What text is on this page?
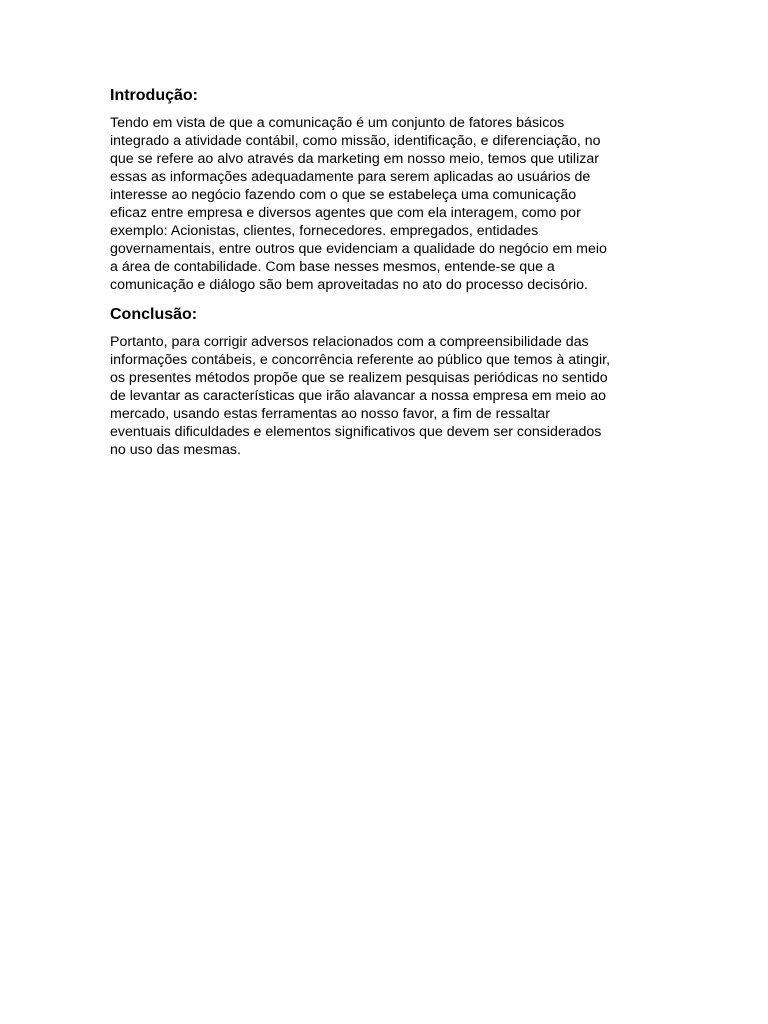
Introdução:
Tendo em vista de que a comunicação é um conjunto de fatores básicos
integrado a atividade contábil, como missão, identificação, e diferenciação, no
que se refere ao alvo através da marketing em nosso meio, temos que utilizar
essas as informações adequadamente para serem aplicadas ao usuários de
interesse ao negócio fazendo com o que se estabeleça uma comunicação
eficaz entre empresa e diversos agentes que com ela interagem, como por
exemplo: Acionistas, clientes, fornecedores. empregados, entidades
governamentais, entre outros que evidenciam a qualidade do negócio em meio
a área de contabilidade. Com base nesses mesmos, entende-se que a
comunicação e diálogo são bem aproveitadas no ato do processo decisório.
Conclusão:
Portanto, para corrigir adversos relacionados com a compreensibilidade das
informações contábeis, e concorrência referente ao público que temos à atingir,
os presentes métodos propõe que se realizem pesquisas periódicas no sentido
de levantar as características que irão alavancar a nossa empresa em meio ao
mercado, usando estas ferramentas ao nosso favor, a fim de ressaltar
eventuais dificuldades e elementos significativos que devem ser considerados
no uso das mesmas.
